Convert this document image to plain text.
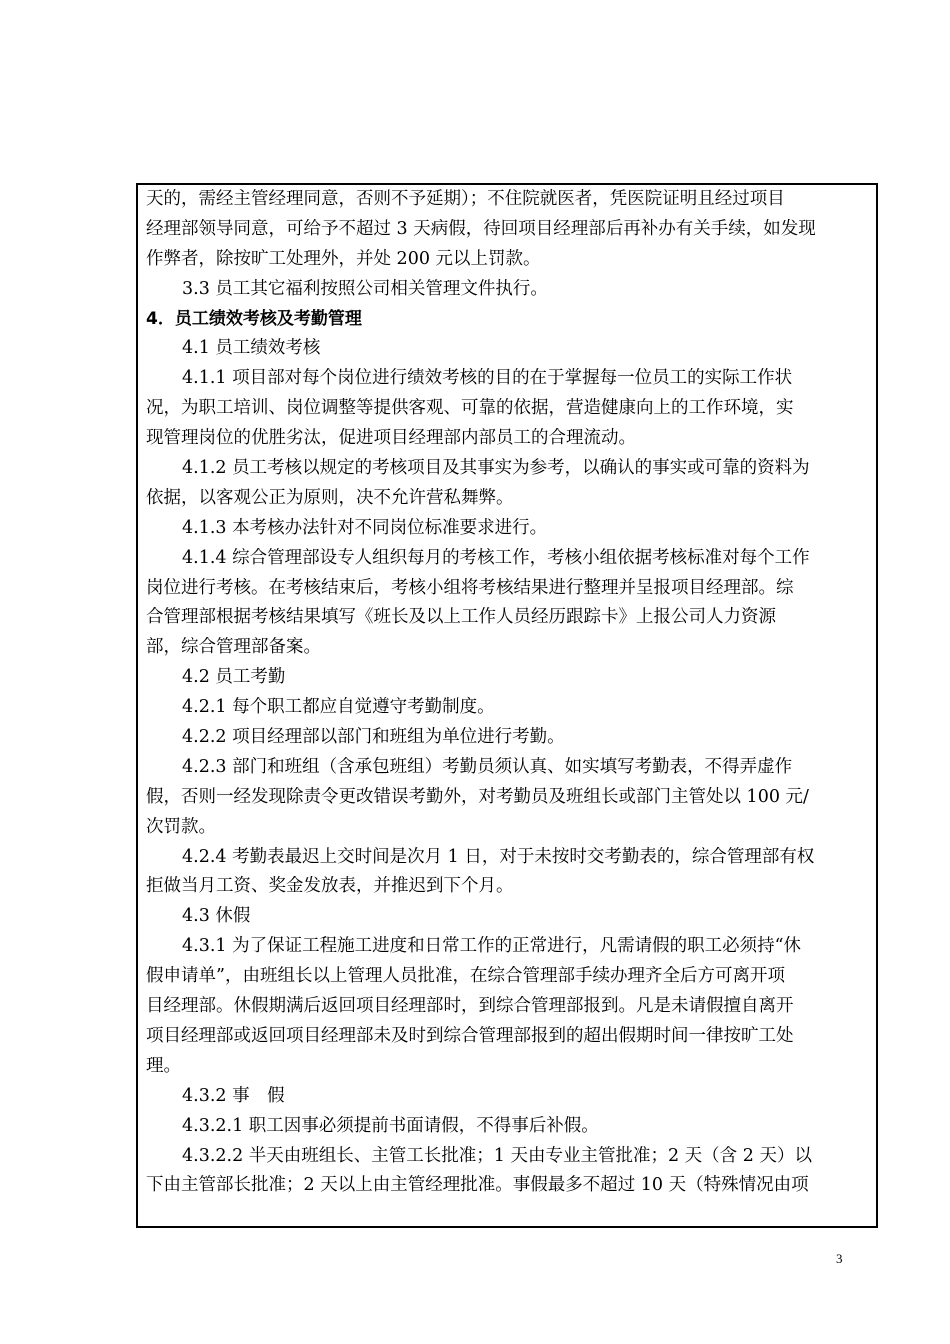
天的，需经主管经理同意，否则不予延期）；不住院就医者，凭医院证明且经过项目
经理部领导同意，可给予不超过 3 天病假，待回项目经理部后再补办有关手续，如发现
作弊者，除按旷工处理外，并处 200 元以上罚款。
3.3 员工其它福利按照公司相关管理文件执行。
4．员工绩效考核及考勤管理
4.1 员工绩效考核
4.1.1 项目部对每个岗位进行绩效考核的目的在于掌握每一位员工的实际工作状
况，为职工培训、岗位调整等提供客观、可靠的依据，营造健康向上的工作环境，实
现管理岗位的优胜劣汰，促进项目经理部内部员工的合理流动。
4.1.2 员工考核以规定的考核项目及其事实为参考，以确认的事实或可靠的资料为
依据，以客观公正为原则，决不允许营私舞弊。
4.1.3 本考核办法针对不同岗位标准要求进行。
4.1.4 综合管理部设专人组织每月的考核工作，考核小组依据考核标准对每个工作
岗位进行考核。在考核结束后，考核小组将考核结果进行整理并呈报项目经理部。综
合管理部根据考核结果填写《班长及以上工作人员经历跟踪卡》上报公司人力资源
部，综合管理部备案。
4.2 员工考勤
4.2.1 每个职工都应自觉遵守考勤制度。
4.2.2 项目经理部以部门和班组为单位进行考勤。
4.2.3 部门和班组（含承包班组）考勤员须认真、如实填写考勤表，不得弄虚作
假，否则一经发现除责令更改错误考勤外，对考勤员及班组长或部门主管处以 100 元/
次罚款。
4.2.4 考勤表最迟上交时间是次月 1 日，对于未按时交考勤表的，综合管理部有权
拒做当月工资、奖金发放表，并推迟到下个月。
4.3 休假
4.3.1 为了保证工程施工进度和日常工作的正常进行，凡需请假的职工必须持“休
假申请单”，由班组长以上管理人员批准，在综合管理部手续办理齐全后方可离开项
目经理部。休假期满后返回项目经理部时，到综合管理部报到。凡是未请假擅自离开
项目经理部或返回项目经理部未及时到综合管理部报到的超出假期时间一律按旷工处
理。
4.3.2 事　假
4.3.2.1 职工因事必须提前书面请假，不得事后补假。
4.3.2.2 半天由班组长、主管工长批准；1 天由专业主管批准；2 天（含 2 天）以
下由主管部长批准；2 天以上由主管经理批准。事假最多不超过 10 天（特殊情况由项
3
